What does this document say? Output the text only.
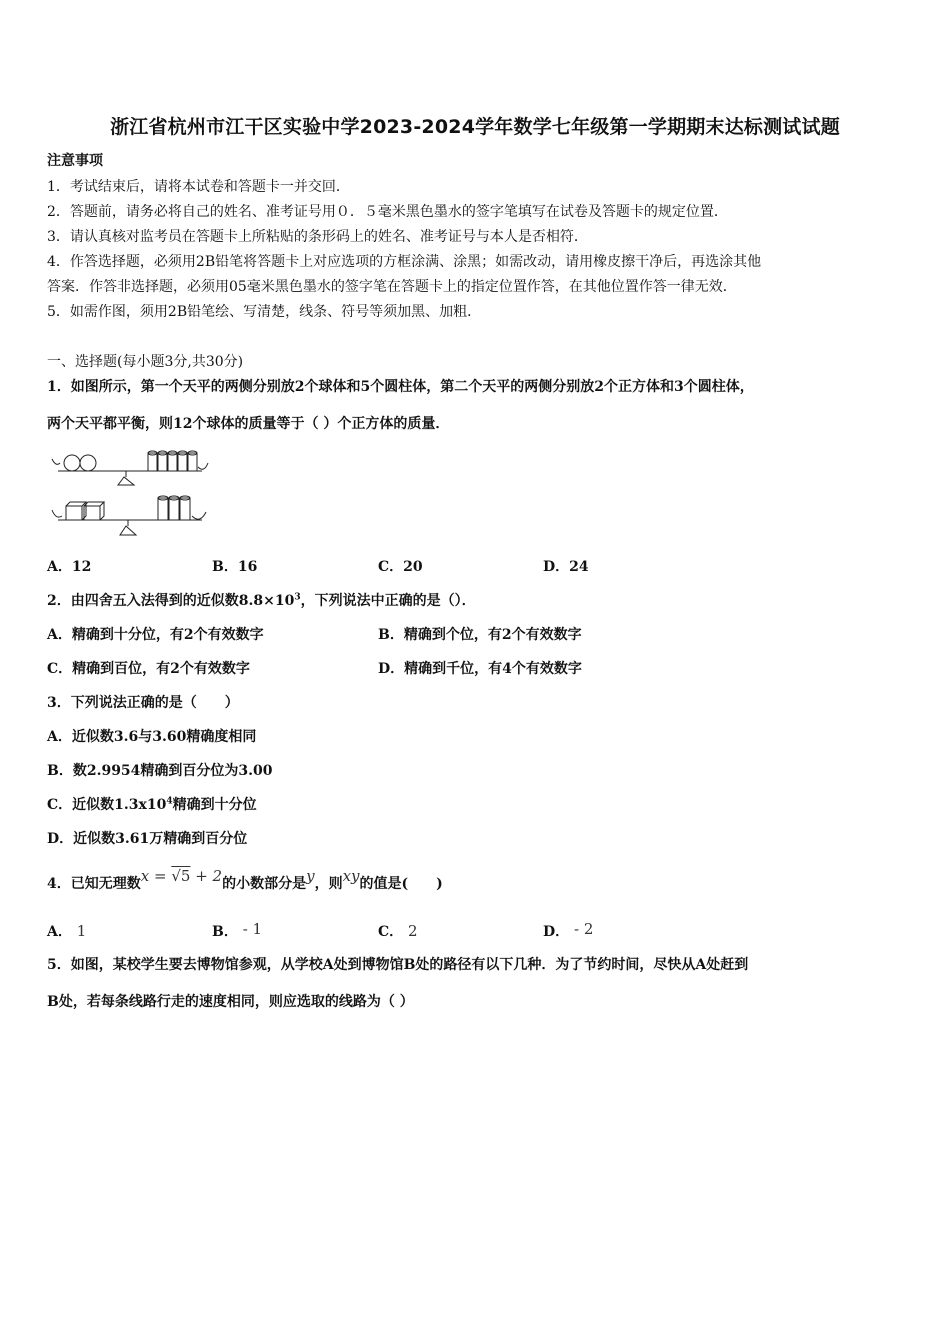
浙江省杭州市江干区实验中学2023-2024学年数学七年级第一学期期末达标测试试题
注意事项
1．考试结束后，请将本试卷和答题卡一并交回．
2．答题前，请务必将自己的姓名、准考证号用０．５毫米黑色墨水的签字笔填写在试卷及答题卡的规定位置．
3．请认真核对监考员在答题卡上所粘贴的条形码上的姓名、准考证号与本人是否相符．
4．作答选择题，必须用2B铅笔将答题卡上对应选项的方框涂满、涂黑；如需改动，请用橡皮擦干净后，再选涂其他
答案．作答非选择题，必须用05毫米黑色墨水的签字笔在答题卡上的指定位置作答，在其他位置作答一律无效．
5．如需作图，须用2B铅笔绘、写清楚，线条、符号等须加黑、加粗．
一、选择题(每小题3分,共30分)
1．如图所示，第一个天平的两侧分别放2个球体和5个圆柱体，第二个天平的两侧分别放2个正方体和3个圆柱体，
两个天平都平衡，则12个球体的质量等于（ ）个正方体的质量．
A．12	B．16	C．20	D．24
2．由四舍五入法得到的近似数$8.8\times 10^3$，下列说法中正确的是（）．
A．精确到十分位，有2个有效数字	B．精确到个位，有2个有效数字
C．精确到百位，有2个有效数字	D．精确到千位，有4个有效数字
3．下列说法正确的是（　　）
A．近似数3.6与3.60精确度相同
B．数2.9954精确到百分位为3.00
C．近似数$1.3x10^4$精确到十分位
D．近似数3.61万精确到百分位
4．已知无理数x = √5 + 2的小数部分是y，则xy的值是(　　)
A． 1	B． - 1	C． 2	D． - 2
5．如图，某校学生要去博物馆参观，从学校A处到博物馆B处的路径有以下几种．为了节约时间，尽快从A处赶到
B处，若每条线路行走的速度相同，则应选取的线路为（ ）
